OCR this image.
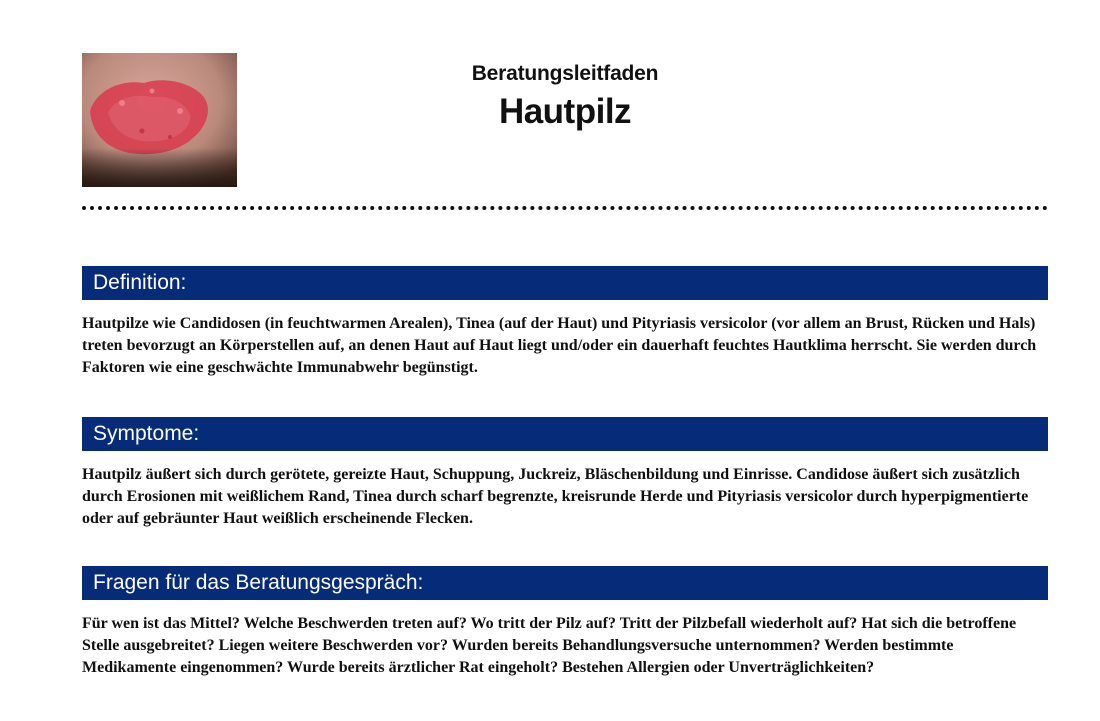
Beratungsleitfaden
Hautpilz
Definition:
Hautpilze wie Candidosen (in feuchtwarmen Arealen), Tinea (auf der Haut) und Pityriasis versicolor (vor allem an Brust, Rücken und Hals) treten bevorzugt an Körperstellen auf, an denen Haut auf Haut liegt und/oder ein dauerhaft feuchtes Hautklima herrscht. Sie werden durch Faktoren wie eine geschwächte Immunabwehr begünstigt.
Symptome:
Hautpilz äußert sich durch gerötete, gereizte Haut, Schuppung, Juckreiz, Bläschenbildung und Einrisse. Candidose äußert sich zusätzlich durch Erosionen mit weißlichem Rand, Tinea durch scharf begrenzte, kreisrunde Herde und Pityriasis versicolor durch hyperpigmentierte oder auf gebräunter Haut weißlich erscheinende Flecken.
Fragen für das Beratungsgespräch:
Für wen ist das Mittel? Welche Beschwerden treten auf? Wo tritt der Pilz auf? Tritt der Pilzbefall wiederholt auf? Hat sich die betroffene Stelle ausgebreitet? Liegen weitere Beschwerden vor? Wurden bereits Behandlungsversuche unternommen? Werden bestimmte Medikamente eingenommen? Wurde bereits ärztlicher Rat eingeholt? Bestehen Allergien oder Unverträglichkeiten?
